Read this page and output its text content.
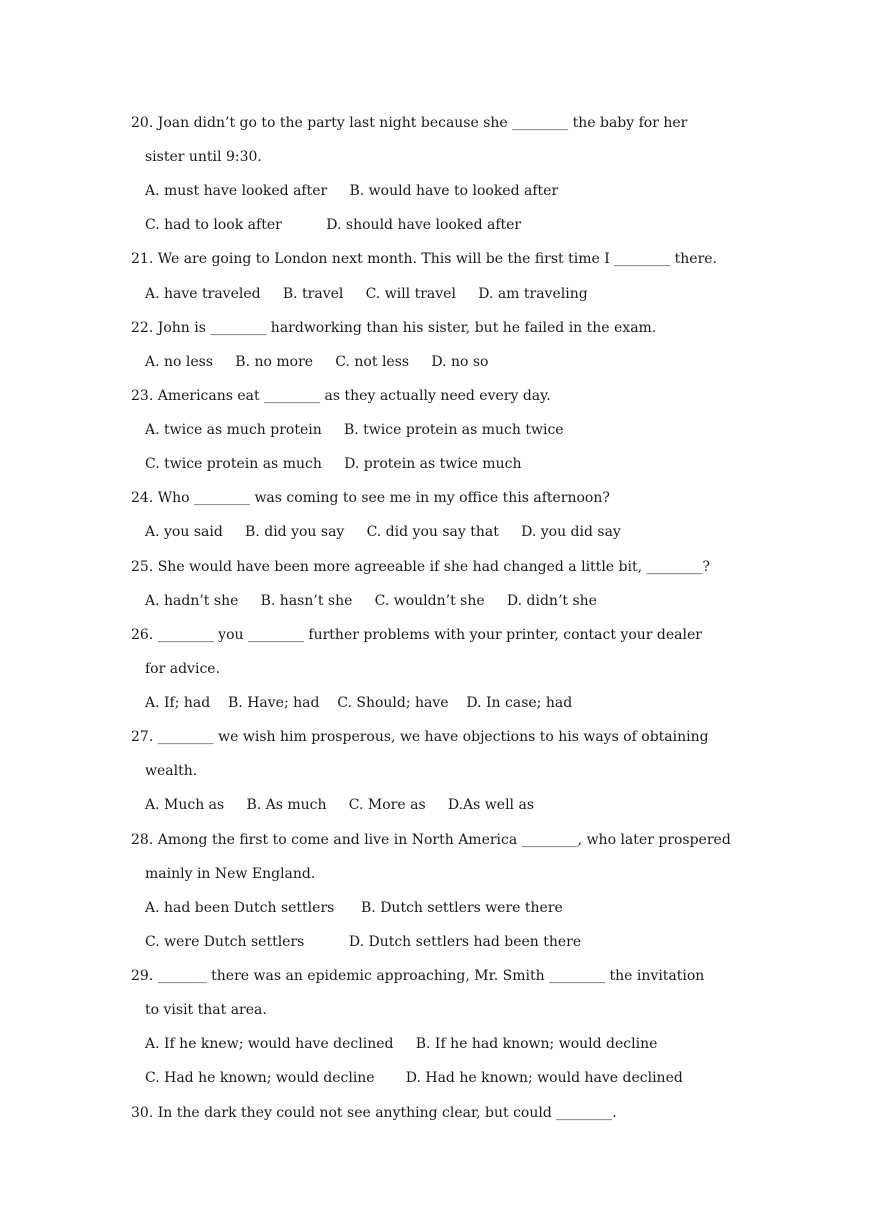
20. Joan didn’t go to the party last night because she ________ the baby for her
sister until 9:30.
A. must have looked after     B. would have to looked after
C. had to look after          D. should have looked after
21. We are going to London next month. This will be the first time I ________ there.
A. have traveled     B. travel     C. will travel     D. am traveling
22. John is ________ hardworking than his sister, but he failed in the exam.
A. no less     B. no more     C. not less     D. no so
23. Americans eat ________ as they actually need every day.
A. twice as much protein     B. twice protein as much twice
C. twice protein as much     D. protein as twice much
24. Who ________ was coming to see me in my office this afternoon?
A. you said     B. did you say     C. did you say that     D. you did say
25. She would have been more agreeable if she had changed a little bit, ________?
A. hadn’t she     B. hasn’t she     C. wouldn’t she     D. didn’t she
26. ________ you ________ further problems with your printer, contact your dealer
for advice.
A. If; had    B. Have; had    C. Should; have    D. In case; had
27. ________ we wish him prosperous, we have objections to his ways of obtaining
wealth.
A. Much as     B. As much     C. More as     D.As well as
28. Among the first to come and live in North America ________, who later prospered
mainly in New England.
A. had been Dutch settlers      B. Dutch settlers were there
C. were Dutch settlers          D. Dutch settlers had been there
29. _______ there was an epidemic approaching, Mr. Smith ________ the invitation
to visit that area.
A. If he knew; would have declined     B. If he had known; would decline
C. Had he known; would decline       D. Had he known; would have declined
30. In the dark they could not see anything clear, but could ________.
